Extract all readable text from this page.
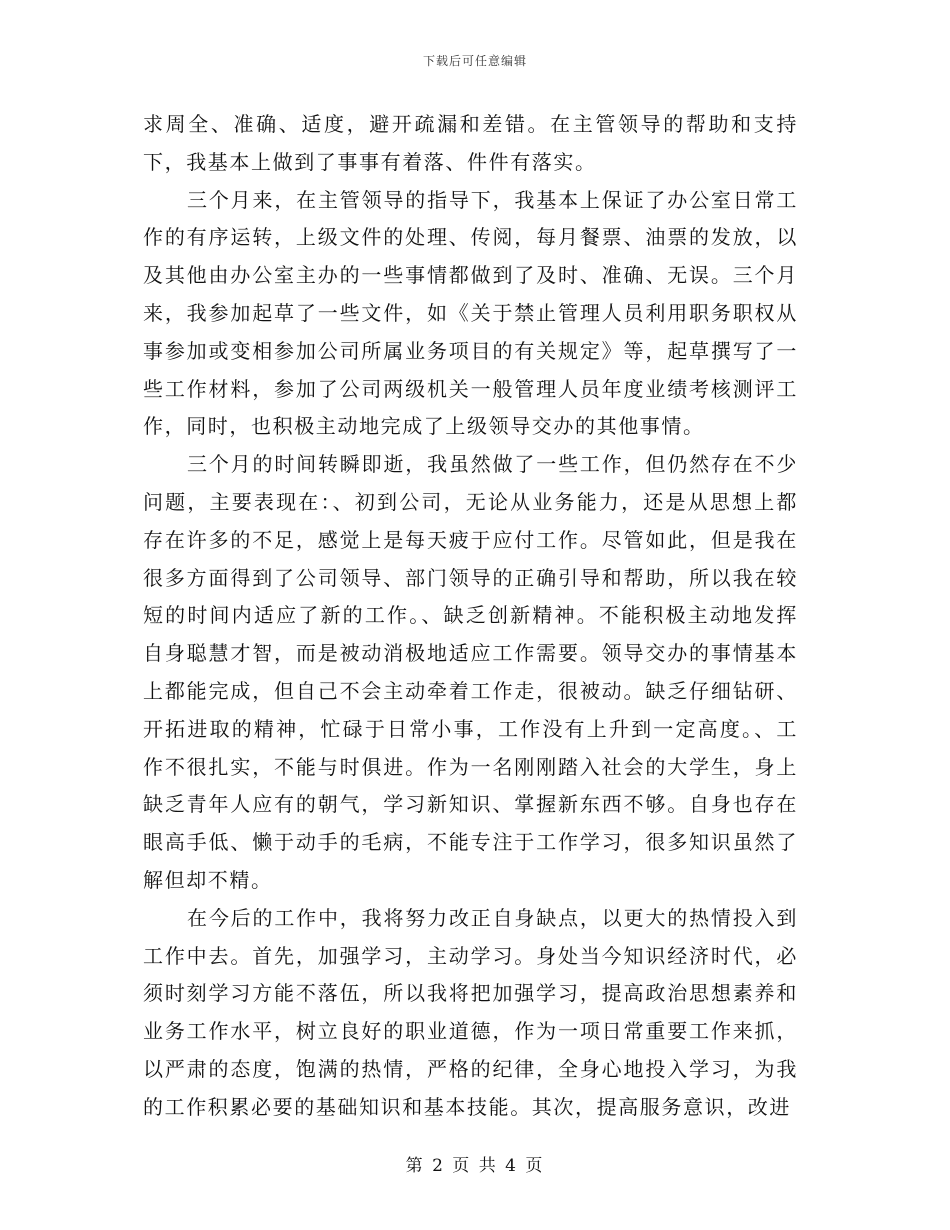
下载后可任意编辑

求周全、准确、适度，避开疏漏和差错。在主管领导的帮助和支持下，我基本上做到了事事有着落、件件有落实。

三个月来，在主管领导的指导下，我基本上保证了办公室日常工作的有序运转，上级文件的处理、传阅，每月餐票、油票的发放，以及其他由办公室主办的一些事情都做到了及时、准确、无误。三个月来，我参加起草了一些文件，如《关于禁止管理人员利用职务职权从事参加或变相参加公司所属业务项目的有关规定》等，起草撰写了一些工作材料，参加了公司两级机关一般管理人员年度业绩考核测评工作，同时，也积极主动地完成了上级领导交办的其他事情。

三个月的时间转瞬即逝，我虽然做了一些工作，但仍然存在不少问题，主要表现在：、初到公司，无论从业务能力，还是从思想上都存在许多的不足，感觉上是每天疲于应付工作。尽管如此，但是我在很多方面得到了公司领导、部门领导的正确引导和帮助，所以我在较短的时间内适应了新的工作。、缺乏创新精神。不能积极主动地发挥自身聪慧才智，而是被动消极地适应工作需要。领导交办的事情基本上都能完成，但自己不会主动牵着工作走，很被动。缺乏仔细钻研、开拓进取的精神，忙碌于日常小事，工作没有上升到一定高度。、工作不很扎实，不能与时俱进。作为一名刚刚踏入社会的大学生，身上缺乏青年人应有的朝气，学习新知识、掌握新东西不够。自身也存在眼高手低、懒于动手的毛病，不能专注于工作学习，很多知识虽然了解但却不精。

在今后的工作中，我将努力改正自身缺点，以更大的热情投入到工作中去。首先，加强学习，主动学习。身处当今知识经济时代，必须时刻学习方能不落伍，所以我将把加强学习，提高政治思想素养和业务工作水平，树立良好的职业道德，作为一项日常重要工作来抓，以严肃的态度，饱满的热情，严格的纪律，全身心地投入学习，为我的工作积累必要的基础知识和基本技能。其次，提高服务意识，改进

第 2 页 共 4 页
